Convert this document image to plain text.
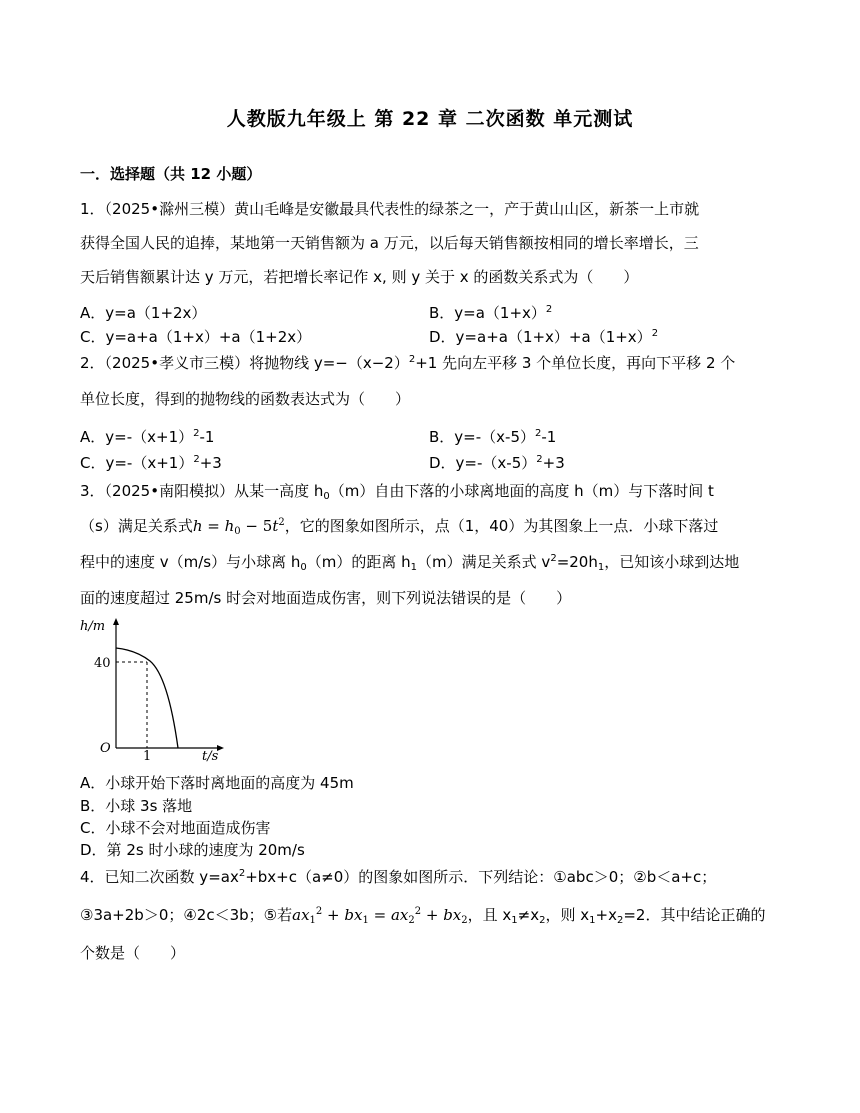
人教版九年级上 第 22 章 二次函数 单元测试
一．选择题（共 12 小题）
1．（2025•滁州三模）黄山毛峰是安徽最具代表性的绿茶之一，产于黄山山区，新茶一上市就
获得全国人民的追捧，某地第一天销售额为 a 万元，以后每天销售额按相同的增长率增长，三
天后销售额累计达 y 万元，若把增长率记作 x, 则 y 关于 x 的函数关系式为（　　）
A．y=a（1+2x）	B．$y=a(1+x)^2$
C．y=a+a（1+x）+a（1+2x）	D．$y=a+a(1+x)+a(1+x)^2$
2．（2025•孝义市三模）将抛物线 $y=-(x-2)^2+1$ 先向左平移 3 个单位长度，再向下平移 2 个
单位长度，得到的抛物线的函数表达式为（　　）
A．$y=-(x+1)^2-1$	B．$y=-(x-5)^2-1$
C．$y=-(x+1)^2+3$	D．$y=-(x-5)^2+3$
3．（2025•南阳模拟）从某一高度 $h_0(m)$自由下落的小球离地面的高度 h（m）与下落时间 t
（s）满足关系式$h = h_0 - 5t^2$，它的图象如图所示，点（1，40）为其图象上一点．小球下落过
程中的速度 v（m/s）与小球离 $h_0(m)$的距离 $h_1(m)$满足关系式 $v^2=20h_1$，已知该小球到达地
面的速度超过 25m/s 时会对地面造成伤害，则下列说法错误的是（　　）
h/m
t/s
O
40
1
A．小球开始下落时离地面的高度为 45m
B．小球 3s 落地
C．小球不会对地面造成伤害
D．第 2s 时小球的速度为 20m/s
4．已知二次函数 $y=ax^2+bx+c(a\ne 0)$的图象如图所示．下列结论：①abc＞0；②b＜a+c；
③3a+2b＞0；④2c＜3b；⑤若$ax_1^2 + bx_1 = ax_2^2 + bx_2$，且 $x_1\ne x_2$，则 $x_1+x_2=2$．其中结论正确的
个数是（　　）
